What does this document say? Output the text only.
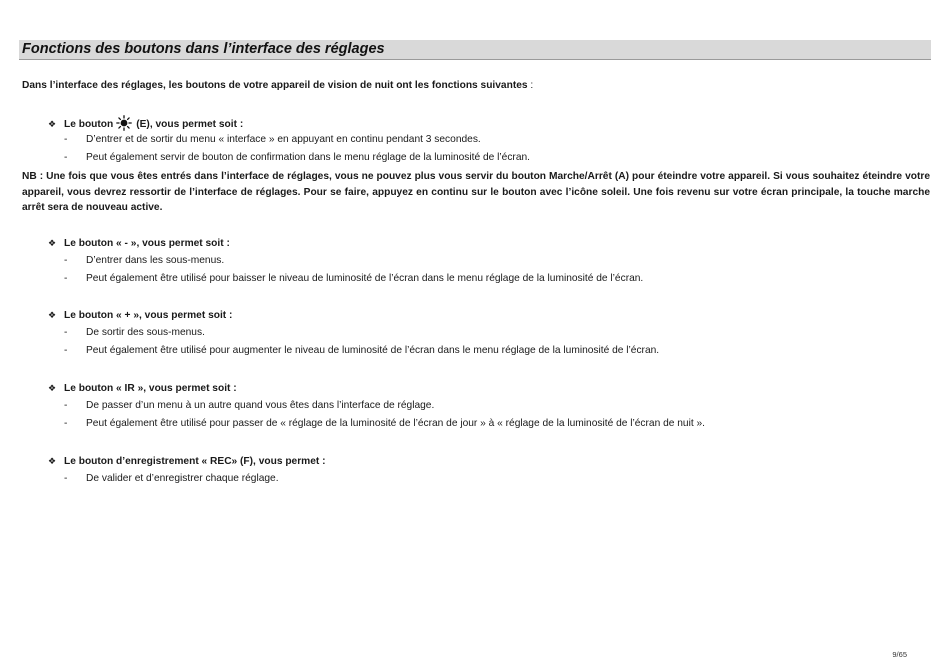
Fonctions des boutons dans l’interface des réglages
Dans l’interface des réglages, les boutons de votre appareil de vision de nuit ont les fonctions suivantes :
❖ Le bouton (E), vous permet soit :
- D’entrer et de sortir du menu « interface » en appuyant en continu pendant 3 secondes.
- Peut également servir de bouton de confirmation dans le menu réglage de la luminosité de l’écran.
NB : Une fois que vous êtes entrés dans l’interface de réglages, vous ne pouvez plus vous servir du bouton Marche/Arrêt (A) pour éteindre votre appareil. Si vous souhaitez éteindre votre appareil, vous devrez ressortir de l’interface de réglages. Pour se faire, appuyez en continu sur le bouton avec l’icône soleil. Une fois revenu sur votre écran principale, la touche marche arrêt sera de nouveau active.
❖ Le bouton « - », vous permet soit :
- D’entrer dans les sous-menus.
- Peut également être utilisé pour baisser le niveau de luminosité de l’écran dans le menu réglage de la luminosité de l’écran.
❖ Le bouton « + », vous permet soit :
- De sortir des sous-menus.
- Peut également être utilisé pour augmenter le niveau de luminosité de l’écran dans le menu réglage de la luminosité de l’écran.
❖ Le bouton « IR », vous permet soit :
- De passer d’un menu à un autre quand vous êtes dans l’interface de réglage.
- Peut également être utilisé pour passer de « réglage de la luminosité de l’écran de jour » à « réglage de la luminosité de l’écran de nuit ».
❖ Le bouton d’enregistrement « REC» (F), vous permet :
- De valider et d’enregistrer chaque réglage.
9/65
